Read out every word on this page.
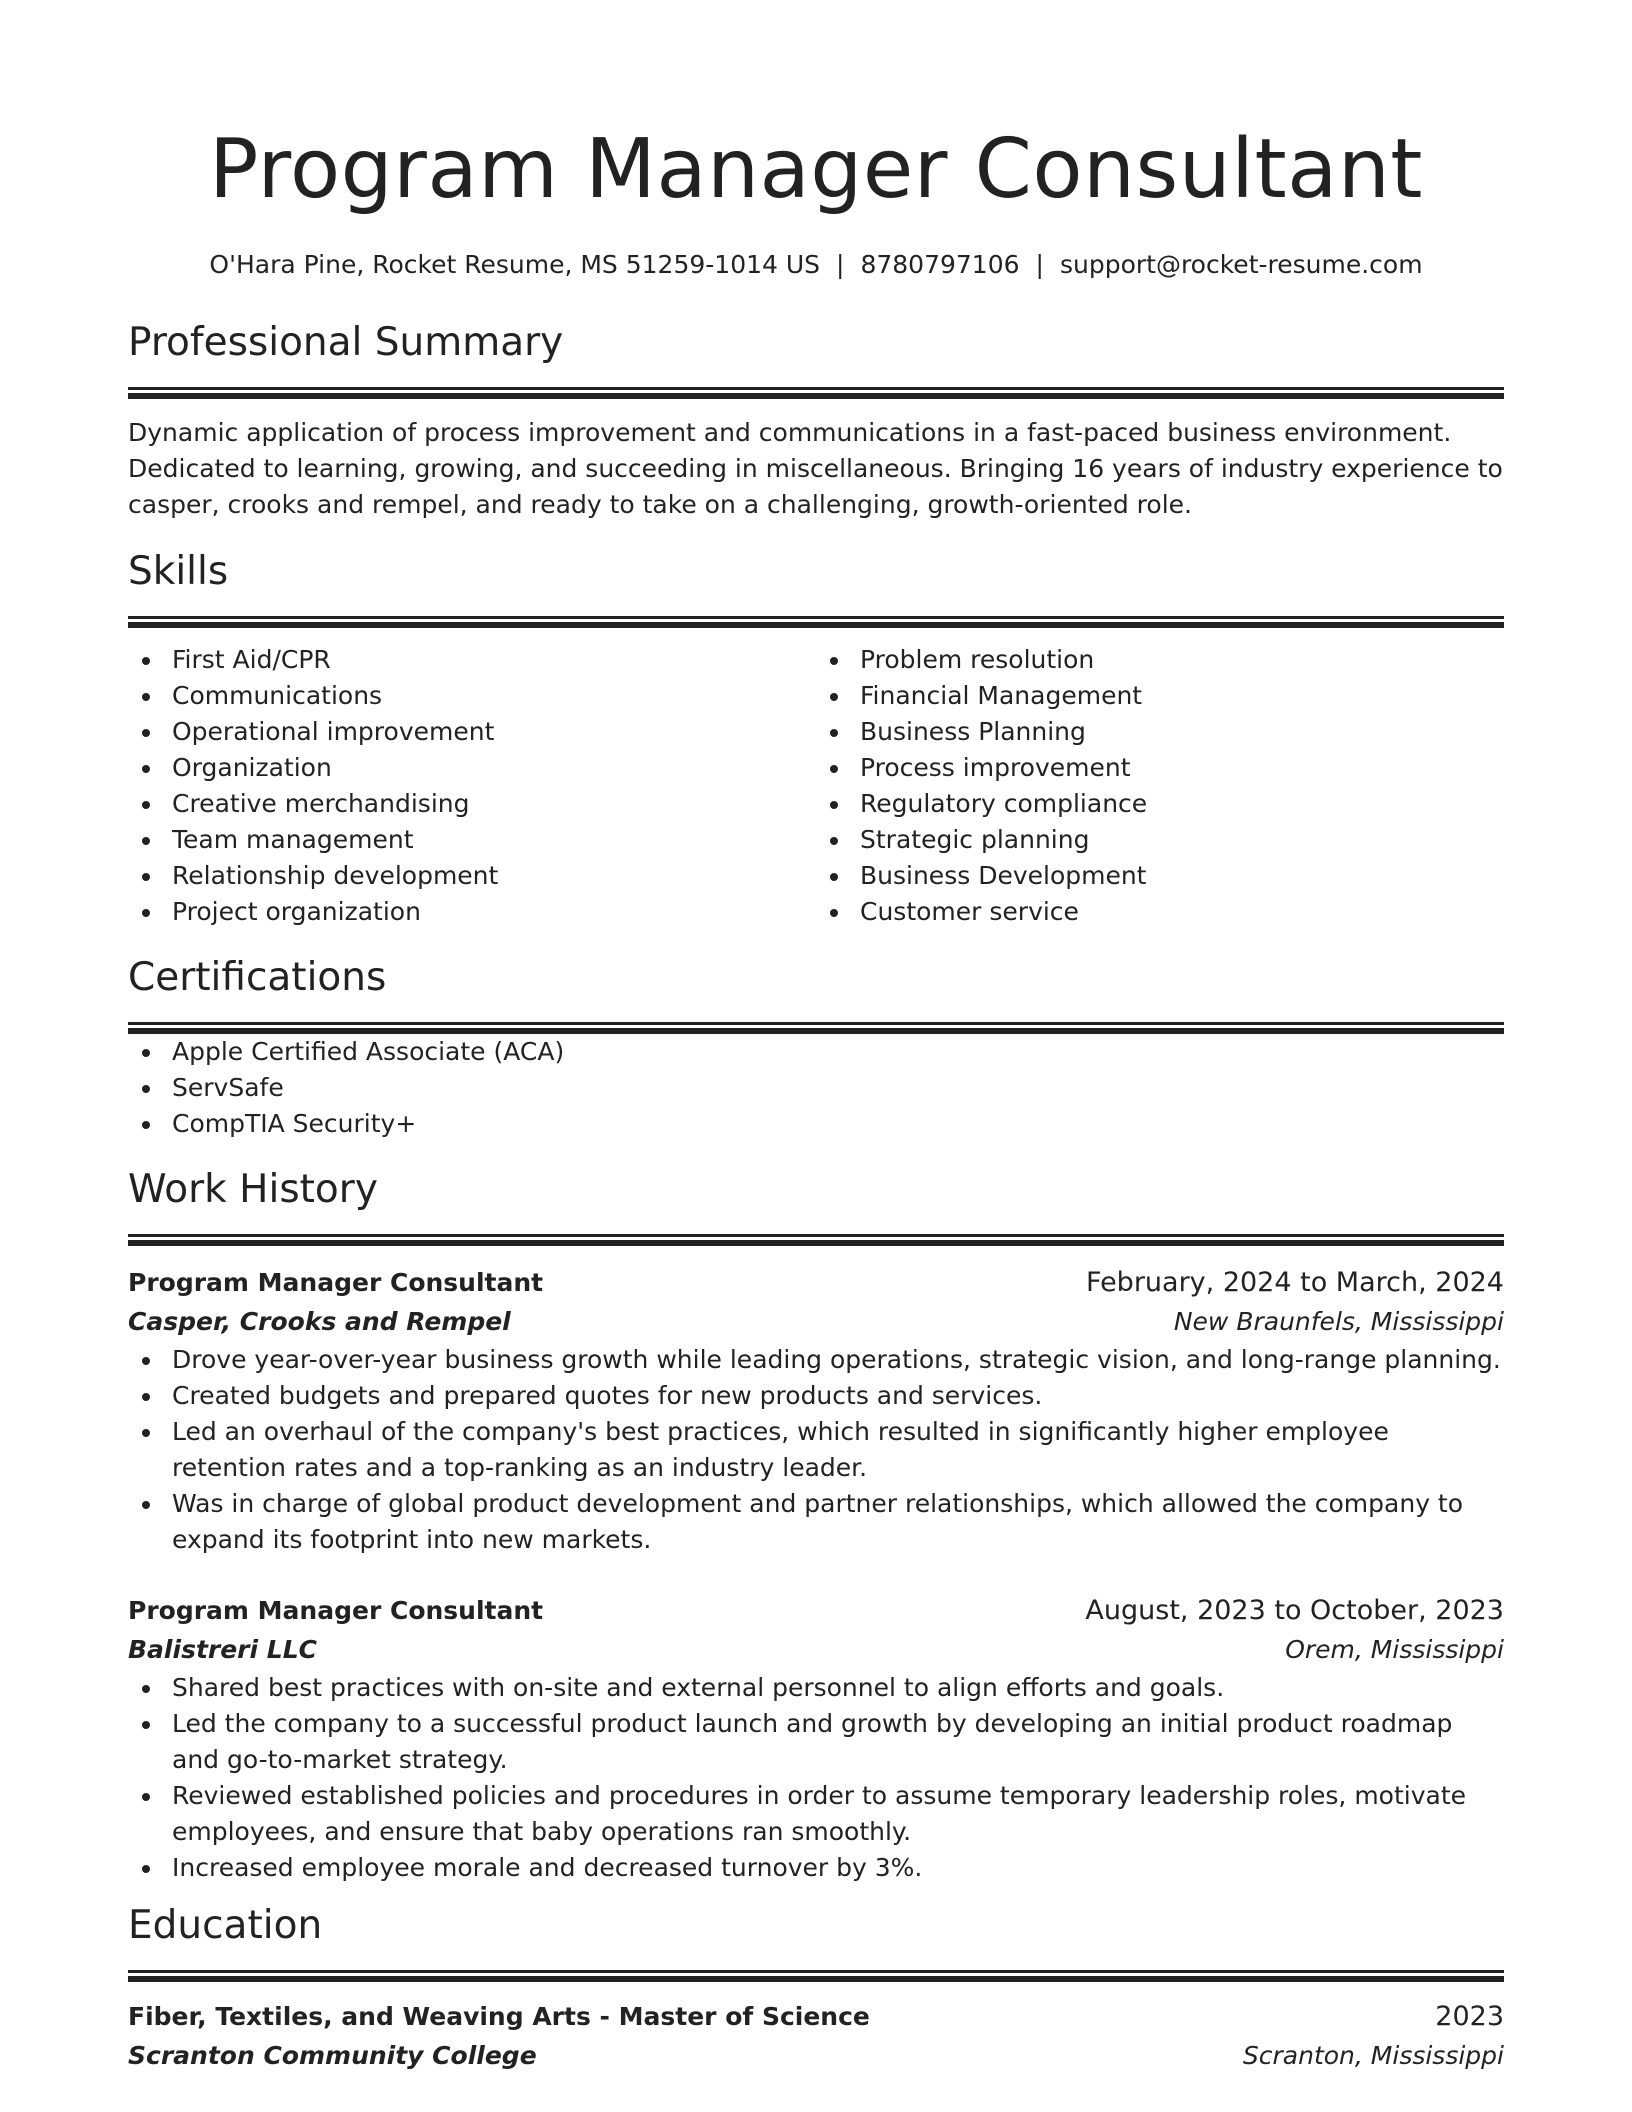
Program Manager Consultant
O'Hara Pine, Rocket Resume, MS 51259-1014 US | 8780797106 | support@rocket-resume.com
Professional Summary

Dynamic application of process improvement and communications in a fast-paced business environment. Dedicated to learning, growing, and succeeding in miscellaneous. Bringing 16 years of industry experience to casper, crooks and rempel, and ready to take on a challenging, growth-oriented role.

Skills
First Aid/CPR
Communications
Operational improvement
Organization
Creative merchandising
Team management
Relationship development
Project organization
Problem resolution
Financial Management
Business Planning
Process improvement
Regulatory compliance
Strategic planning
Business Development
Customer service
Certifications
Apple Certified Associate (ACA)
ServSafe
CompTIA Security+
Work History
Program Manager Consultant	February, 2024 to March, 2024
Casper, Crooks and Rempel	New Braunfels, Mississippi
Drove year-over-year business growth while leading operations, strategic vision, and long-range planning.
Created budgets and prepared quotes for new products and services.
Led an overhaul of the company's best practices, which resulted in significantly higher employee retention rates and a top-ranking as an industry leader.
Was in charge of global product development and partner relationships, which allowed the company to expand its footprint into new markets.
Program Manager Consultant	August, 2023 to October, 2023
Balistreri LLC	Orem, Mississippi
Shared best practices with on-site and external personnel to align efforts and goals.
Led the company to a successful product launch and growth by developing an initial product roadmap and go-to-market strategy.
Reviewed established policies and procedures in order to assume temporary leadership roles, motivate employees, and ensure that baby operations ran smoothly.
Increased employee morale and decreased turnover by 3%.
Education
Fiber, Textiles, and Weaving Arts - Master of Science	2023
Scranton Community College	Scranton, Mississippi
